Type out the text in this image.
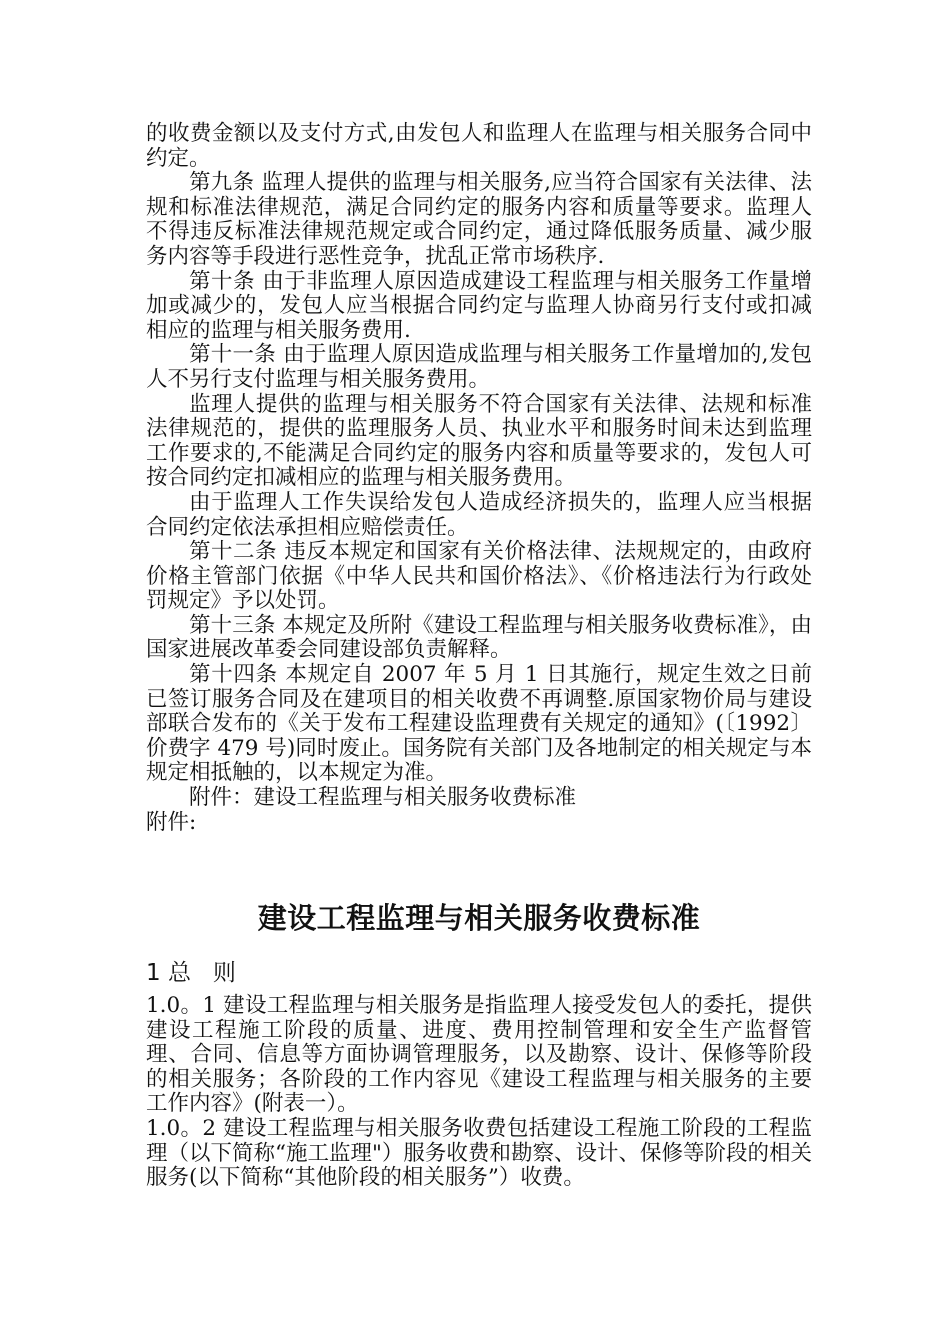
的收费金额以及支付方式,由发包人和监理人在监理与相关服务合同中约定。

第九条 监理人提供的监理与相关服务,应当符合国家有关法律、法规和标准法律规范，满足合同约定的服务内容和质量等要求。监理人不得违反标准法律规范规定或合同约定，通过降低服务质量、减少服务内容等手段进行恶性竞争，扰乱正常市场秩序.

第十条 由于非监理人原因造成建设工程监理与相关服务工作量增加或减少的，发包人应当根据合同约定与监理人协商另行支付或扣减相应的监理与相关服务费用.

第十一条 由于监理人原因造成监理与相关服务工作量增加的,发包人不另行支付监理与相关服务费用。

监理人提供的监理与相关服务不符合国家有关法律、法规和标准法律规范的，提供的监理服务人员、执业水平和服务时间未达到监理工作要求的,不能满足合同约定的服务内容和质量等要求的，发包人可按合同约定扣减相应的监理与相关服务费用。

由于监理人工作失误给发包人造成经济损失的，监理人应当根据合同约定依法承担相应赔偿责任。

第十二条 违反本规定和国家有关价格法律、法规规定的，由政府价格主管部门依据《中华人民共和国价格法》、《价格违法行为行政处罚规定》予以处罚。

第十三条 本规定及所附《建设工程监理与相关服务收费标准》，由国家进展改革委会同建设部负责解释。

第十四条 本规定自 2007 年 5 月 1 日其施行，规定生效之日前已签订服务合同及在建项目的相关收费不再调整.原国家物价局与建设部联合发布的《关于发布工程建设监理费有关规定的通知》(〔1992〕价费字 479 号)同时废止。国务院有关部门及各地制定的相关规定与本规定相抵触的，以本规定为准。

附件：建设工程监理与相关服务收费标准

附件:

建设工程监理与相关服务收费标准
1 总   则

1.0。1 建设工程监理与相关服务是指监理人接受发包人的委托，提供建设工程施工阶段的质量、进度、费用控制管理和安全生产监督管理、合同、信息等方面协调管理服务，以及勘察、设计、保修等阶段的相关服务；各阶段的工作内容见《建设工程监理与相关服务的主要工作内容》(附表一）。

1.0。2 建设工程监理与相关服务收费包括建设工程施工阶段的工程监理（以下简称“施工监理"）服务收费和勘察、设计、保修等阶段的相关服务(以下简称“其他阶段的相关服务”）收费。
